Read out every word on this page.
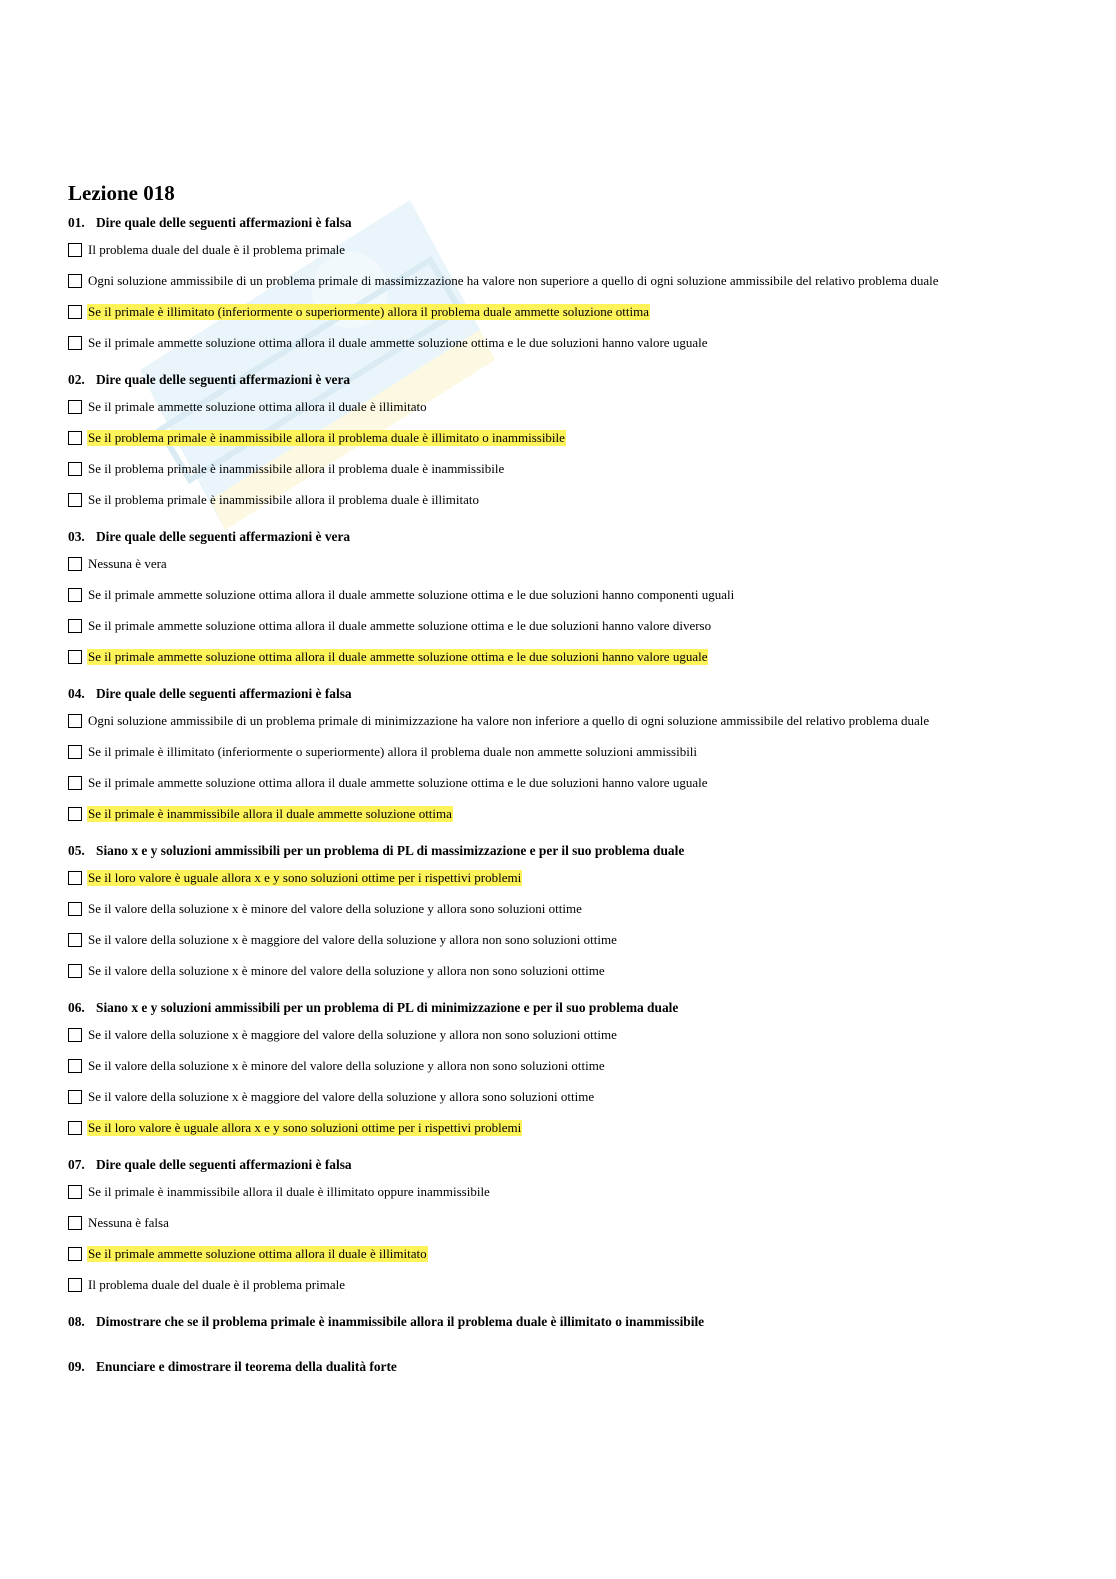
Lezione 018
01. Dire quale delle seguenti affermazioni è falsa
Il problema duale del duale è il problema primale
Ogni soluzione ammissibile di un problema primale di massimizzazione ha valore non superiore a quello di ogni soluzione ammissibile del relativo problema duale
Se il primale è illimitato (inferiormente o superiormente) allora il problema duale ammette soluzione ottima
Se il primale ammette soluzione ottima allora il duale ammette soluzione ottima e le due soluzioni hanno valore uguale
02. Dire quale delle seguenti affermazioni è vera
Se il primale ammette soluzione ottima allora il duale è illimitato
Se il problema primale è inammissibile allora il problema duale è illimitato o inammissibile
Se il problema primale è inammissibile allora il problema duale è inammissibile
Se il problema primale è inammissibile allora il problema duale è illimitato
03. Dire quale delle seguenti affermazioni è vera
Nessuna è vera
Se il primale ammette soluzione ottima allora il duale ammette soluzione ottima e le due soluzioni hanno componenti uguali
Se il primale ammette soluzione ottima allora il duale ammette soluzione ottima e le due soluzioni hanno valore diverso
Se il primale ammette soluzione ottima allora il duale ammette soluzione ottima e le due soluzioni hanno valore uguale
04. Dire quale delle seguenti affermazioni è falsa
Ogni soluzione ammissibile di un problema primale di minimizzazione ha valore non inferiore a quello di ogni soluzione ammissibile del relativo problema duale
Se il primale è illimitato (inferiormente o superiormente) allora il problema duale non ammette soluzioni ammissibili
Se il primale ammette soluzione ottima allora il duale ammette soluzione ottima e le due soluzioni hanno valore uguale
Se il primale è inammissibile allora il duale ammette soluzione ottima
05. Siano x e y soluzioni ammissibili per un problema di PL di massimizzazione e per il suo problema duale
Se il loro valore è uguale allora x e y sono soluzioni ottime per i rispettivi problemi
Se il valore della soluzione x è minore del valore della soluzione y allora sono soluzioni ottime
Se il valore della soluzione x è maggiore del valore della soluzione y allora non sono soluzioni ottime
Se il valore della soluzione x è minore del valore della soluzione y allora non sono soluzioni ottime
06. Siano x e y soluzioni ammissibili per un problema di PL di minimizzazione e per il suo problema duale
Se il valore della soluzione x è maggiore del valore della soluzione y allora non sono soluzioni ottime
Se il valore della soluzione x è minore del valore della soluzione y allora non sono soluzioni ottime
Se il valore della soluzione x è maggiore del valore della soluzione y allora sono soluzioni ottime
Se il loro valore è uguale allora x e y sono soluzioni ottime per i rispettivi problemi
07. Dire quale delle seguenti affermazioni è falsa
Se il primale è inammissibile allora il duale è illimitato oppure inammissibile
Nessuna è falsa
Se il primale ammette soluzione ottima allora il duale è illimitato
Il problema duale del duale è il problema primale
08. Dimostrare che se il problema primale è inammissibile allora il problema duale è illimitato o inammissibile
09. Enunciare e dimostrare il teorema della dualità forte
